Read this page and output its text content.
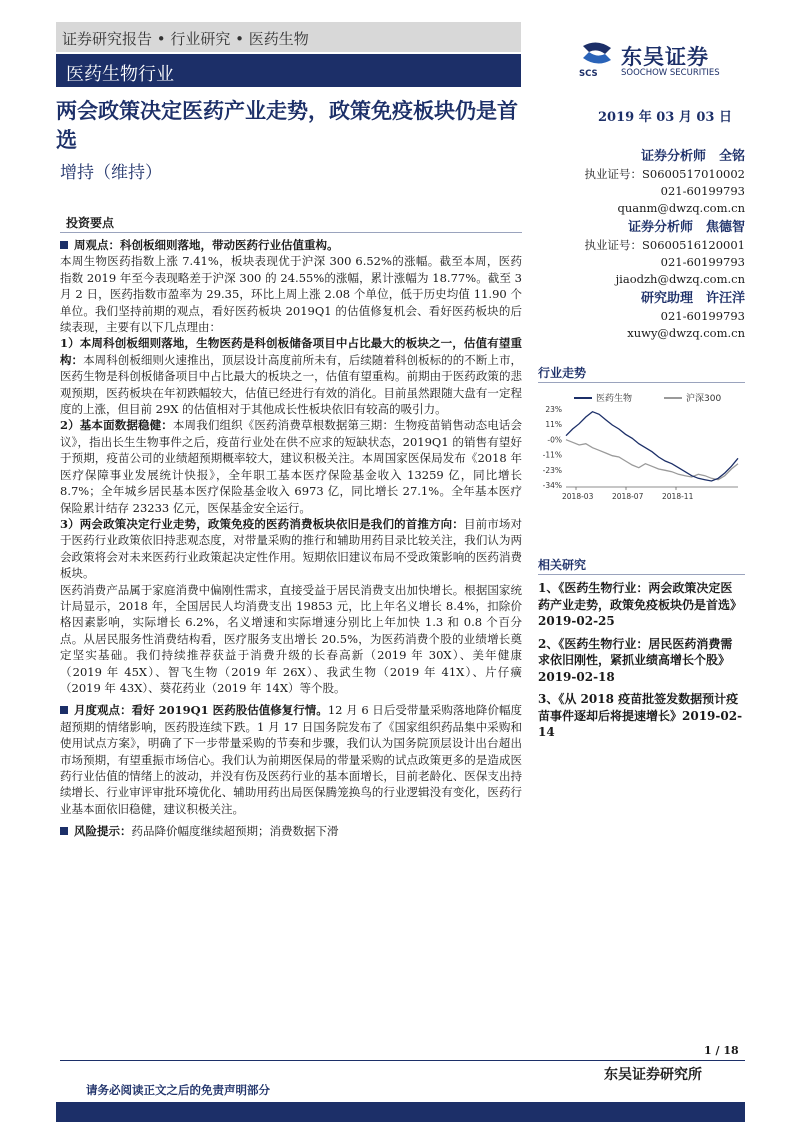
证券研究报告 • 行业研究 • 医药生物
医药生物行业	SCS
东吴证券
SOOCHOW SECURITIES
两会政策决定医药产业走势，政策免疫板块仍是首选
2019 年 03 月 03 日
增持（维持）
证券分析师　全铭
执业证号：S0600517010002
021-60199793
quanm@dwzq.com.cn
证券分析师　焦德智
执业证号：S0600516120001
021-60199793
jiaodzh@dwzq.com.cn
研究助理　许汪洋
021-60199793
xuwy@dwzq.com.cn
投资要点

周观点：科创板细则落地，带动医药行业估值重构。

本周生物医药指数上涨 7.41%，板块表现优于沪深 300 6.52%的涨幅。截至本周，医药指数 2019 年至今表现略差于沪深 300 的 24.55%的涨幅，累计涨幅为 18.77%。截至 3 月 2 日，医药指数市盈率为 29.35，环比上周上涨 2.08 个单位，低于历史均值 11.90 个单位。我们坚持前期的观点，看好医药板块 2019Q1 的估值修复机会、看好医药板块的后续表现，主要有以下几点理由：

1）本周科创板细则落地，生物医药是科创板储备项目中占比最大的板块之一，估值有望重构：本周科创板细则火速推出，顶层设计高度前所未有，后续随着科创板标的的不断上市，医药生物是科创板储备项目中占比最大的板块之一，估值有望重构。前期由于医药政策的悲观预期，医药板块在年初跌幅较大，估值已经进行有效的消化。目前虽然跟随大盘有一定程度的上涨，但目前 29X 的估值相对于其他成长性板块依旧有较高的吸引力。

2）基本面数据稳健：本周我们组织《医药消费草根数据第三期：生物疫苗销售动态电话会议》，指出长生生物事件之后，疫苗行业处在供不应求的短缺状态，2019Q1 的销售有望好于预期，疫苗公司的业绩超预期概率较大，建议积极关注。本周国家医保局发布《2018 年医疗保障事业发展统计快报》，全年职工基本医疗保险基金收入 13259 亿，同比增长 8.7%；全年城乡居民基本医疗保险基金收入 6973 亿，同比增长 27.1%。全年基本医疗保险累计结存 23233 亿元，医保基金安全运行。

3）两会政策决定行业走势，政策免疫的医药消费板块依旧是我们的首推方向：目前市场对于医药行业政策依旧持悲观态度，对带量采购的推行和辅助用药目录比较关注，我们认为两会政策将会对未来医药行业政策起决定性作用。短期依旧建议布局不受政策影响的医药消费板块。

医药消费产品属于家庭消费中偏刚性需求，直接受益于居民消费支出加快增长。根据国家统计局显示，2018 年，全国居民人均消费支出 19853 元，比上年名义增长 8.4%，扣除价格因素影响，实际增长 6.2%，名义增速和实际增速分别比上年加快 1.3 和 0.8 个百分点。从居民服务性消费结构看，医疗服务支出增长 20.5%，为医药消费个股的业绩增长奠定坚实基础。我们持续推荐获益于消费升级的长春高新（2019 年 30X）、美年健康（2019 年 45X）、智飞生物（2019 年 26X）、我武生物（2019 年 41X）、片仔癀（2019 年 43X）、葵花药业（2019 年 14X）等个股。

月度观点：看好 2019Q1 医药股估值修复行情。12 月 6 日后受带量采购落地降价幅度超预期的情绪影响，医药股连续下跌。1 月 17 日国务院发布了《国家组织药品集中采购和使用试点方案》，明确了下一步带量采购的节奏和步骤，我们认为国务院顶层设计出台超出市场预期，有望重振市场信心。我们认为前期医保局的带量采购的试点政策更多的是造成医药行业估值的情绪上的波动，并没有伤及医药行业的基本面增长，目前老龄化、医保支出持续增长、行业审评审批环境优化、辅助用药出局医保腾笼换鸟的行业逻辑没有变化，医药行业基本面依旧稳健，建议积极关注。

风险提示：药品降价幅度继续超预期；消费数据下滑

行业走势
医药生物	沪深300
23%
11%
-0%
-11%
-23%
-34%
2018-03 2018-07 2018-11
相关研究
1、《医药生物行业：两会政策决定医药产业走势，政策免疫板块仍是首选》2019-02-25
2、《医药生物行业：居民医药消费需求依旧刚性，紧抓业绩高增长个股》2019-02-18
3、《从 2018 疫苗批签发数据预计疫苗事件逐却后将提速增长》2019-02-14
1 / 18
东吴证券研究所
请务必阅读正文之后的免责声明部分
